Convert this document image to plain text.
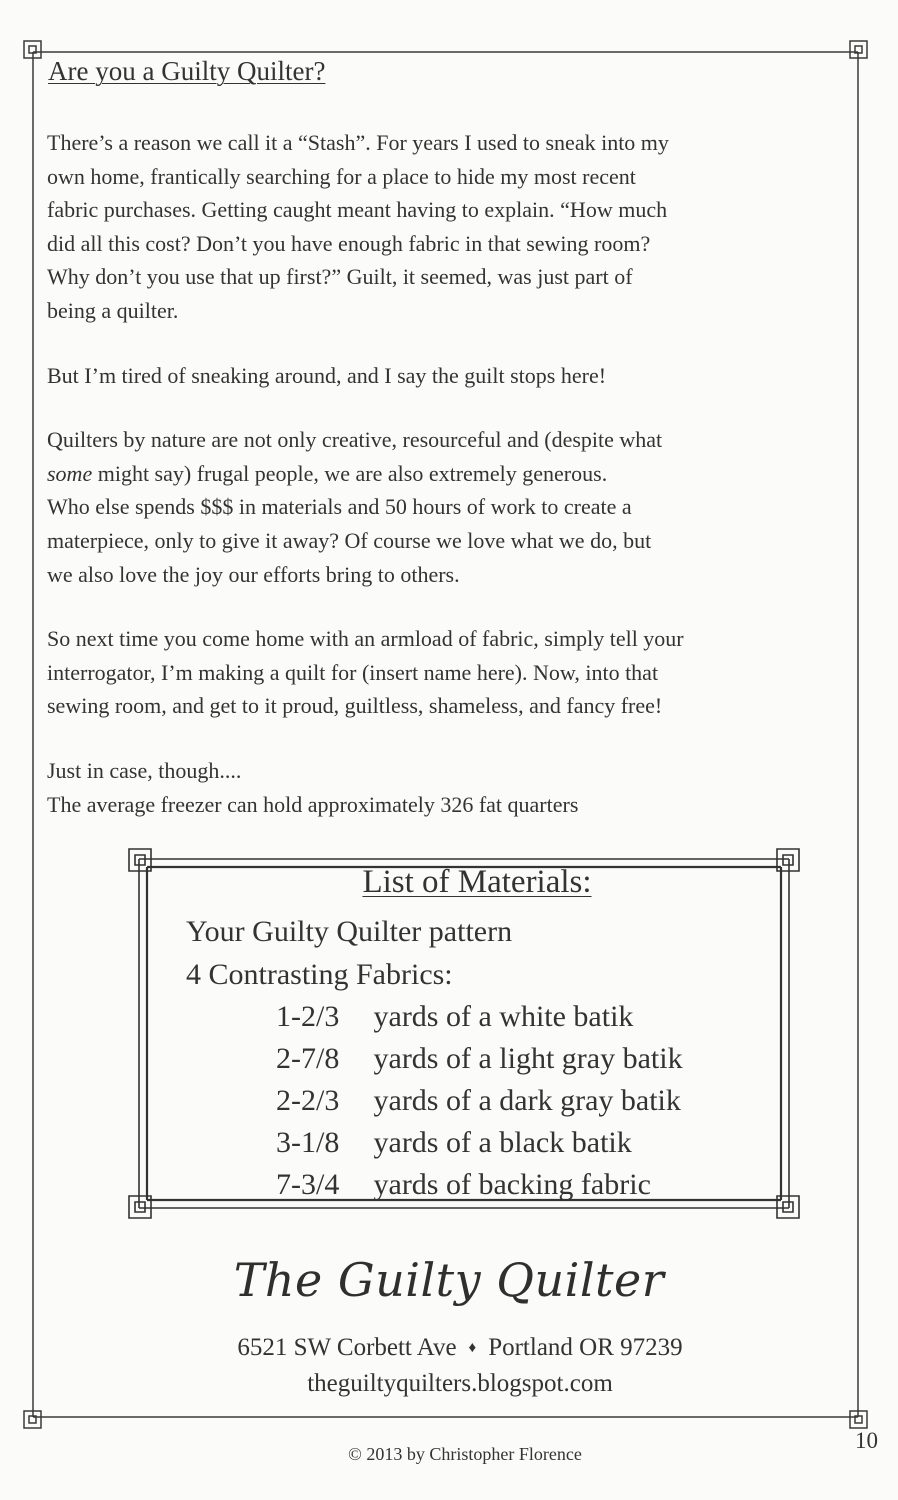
Are you a Guilty Quilter?

There’s a reason we call it a “Stash”. For years I used to sneak into my
own home, frantically searching for a place to hide my most recent
fabric purchases. Getting caught meant having to explain. “How much
did all this cost? Don’t you have enough fabric in that sewing room?
Why don’t you use that up first?” Guilt, it seemed, was just part of
being a quilter.

But I’m tired of sneaking around, and I say the guilt stops here!

Quilters by nature are not only creative, resourceful and (despite what
some might say) frugal people, we are also extremely generous.
Who else spends $$$ in materials and 50 hours of work to create a
materpiece, only to give it away? Of course we love what we do, but
we also love the joy our efforts bring to others.

So next time you come home with an armload of fabric, simply tell your
interrogator, I’m making a quilt for (insert name here). Now, into that
sewing room, and get to it proud, guiltless, shameless, and fancy free!

Just in case, though....
The average freezer can hold approximately 326 fat quarters

List of Materials:
Your Guilty Quilter pattern
4 Contrasting Fabrics:
1-2/3 yards of a white batik
2-7/8 yards of a light gray batik
2-2/3 yards of a dark gray batik
3-1/8 yards of a black batik
7-3/4 yards of backing fabric
The Guilty Quilter
6521 SW Corbett Ave ♦ Portland OR 97239
theguiltyquilters.blogspot.com
10
© 2013 by Christopher Florence
